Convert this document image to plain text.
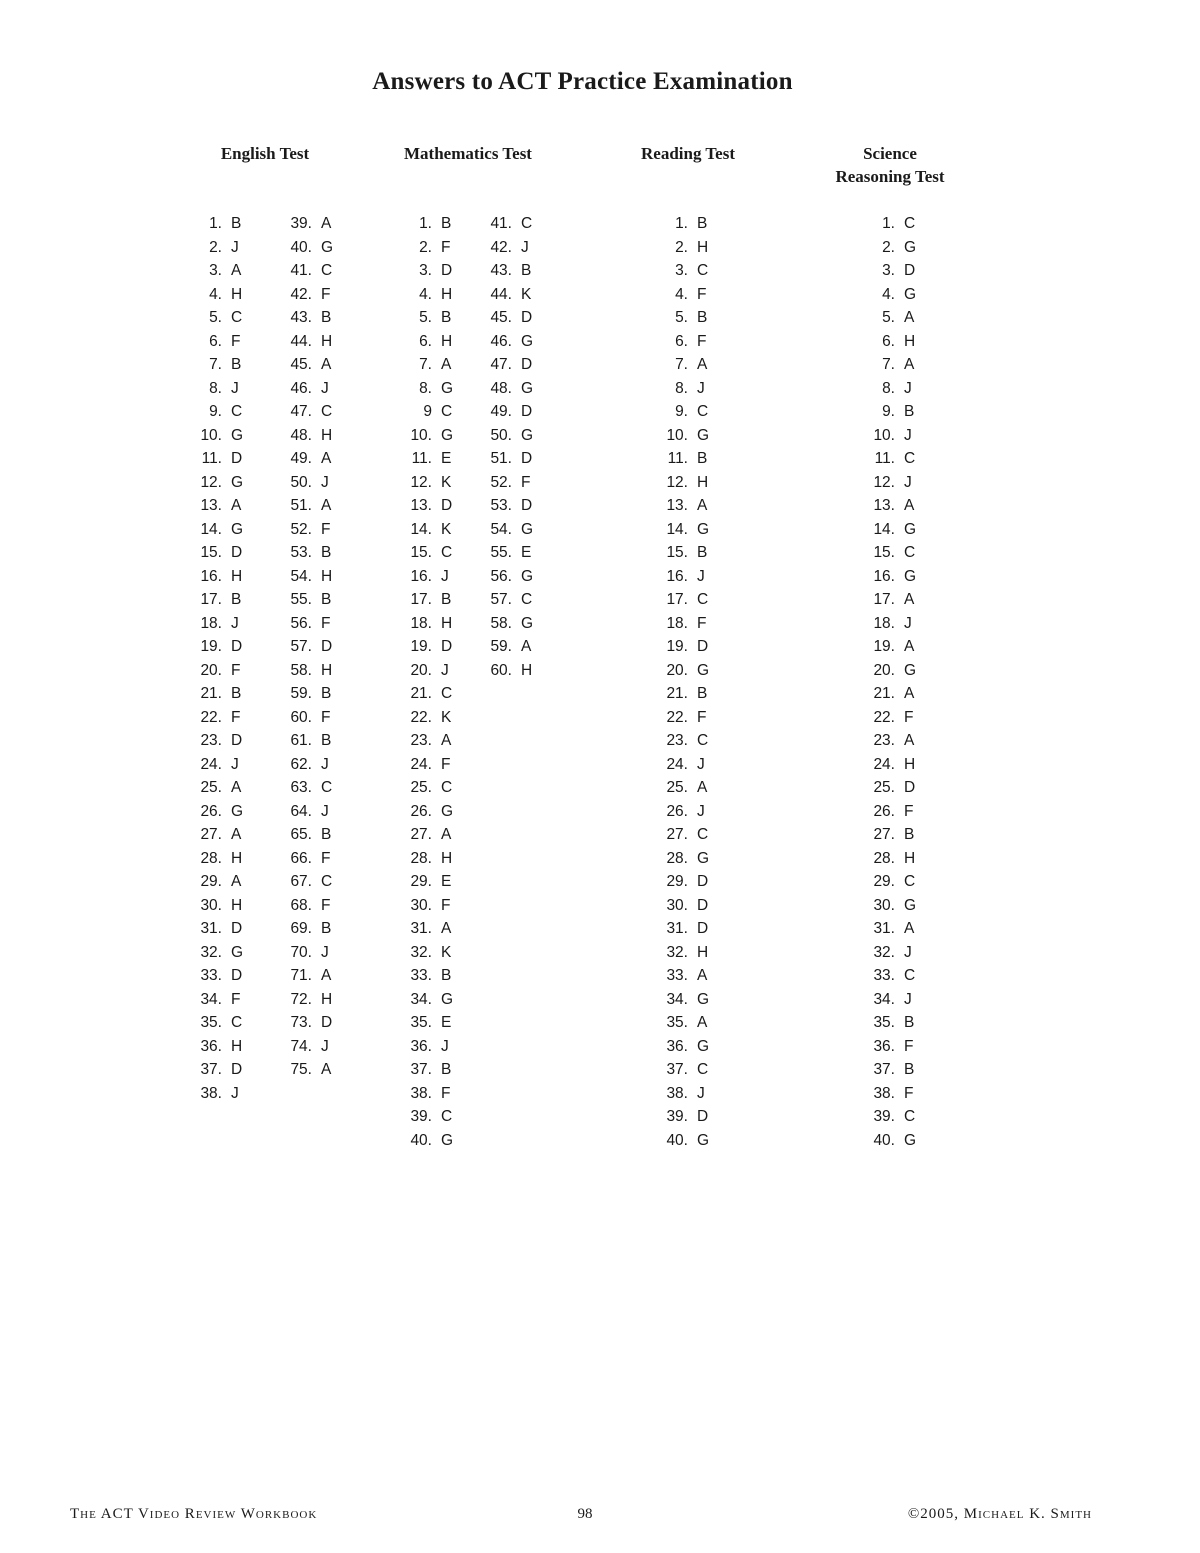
Answers to ACT Practice Examination
English Test	Mathematics Test	Reading Test	Science
Reasoning Test
1. B
2. J
3. A
4. H
5. C
6. F
7. B
8. J
9. C
10. G
11. D
12. G
13. A
14. G
15. D
16. H
17. B
18. J
19. D
20. F
21. B
22. F
23. D
24. J
25. A
26. G
27. A
28. H
29. A
30. H
31. D
32. G
33. D
34. F
35. C
36. H
37. D
38. J
39. A
40. G
41. C
42. F
43. B
44. H
45. A
46. J
47. C
48. H
49. A
50. J
51. A
52. F
53. B
54. H
55. B
56. F
57. D
58. H
59. B
60. F
61. B
62. J
63. C
64. J
65. B
66. F
67. C
68. F
69. B
70. J
71. A
72. H
73. D
74. J
75. A
1. B
2. F
3. D
4. H
5. B
6. H
7. A
8. G
9 C
10. G
11. E
12. K
13. D
14. K
15. C
16. J
17. B
18. H
19. D
20. J
21. C
22. K
23. A
24. F
25. C
26. G
27. A
28. H
29. E
30. F
31. A
32. K
33. B
34. G
35. E
36. J
37. B
38. F
39. C
40. G
41. C
42. J
43. B
44. K
45. D
46. G
47. D
48. G
49. D
50. G
51. D
52. F
53. D
54. G
55. E
56. G
57. C
58. G
59. A
60. H
1. B
2. H
3. C
4. F
5. B
6. F
7. A
8. J
9. C
10. G
11. B
12. H
13. A
14. G
15. B
16. J
17. C
18. F
19. D
20. G
21. B
22. F
23. C
24. J
25. A
26. J
27. C
28. G
29. D
30. D
31. D
32. H
33. A
34. G
35. A
36. G
37. C
38. J
39. D
40. G
1. C
2. G
3. D
4. G
5. A
6. H
7. A
8. J
9. B
10. J
11. C
12. J
13. A
14. G
15. C
16. G
17. A
18. J
19. A
20. G
21. A
22. F
23. A
24. H
25. D
26. F
27. B
28. H
29. C
30. G
31. A
32. J
33. C
34. J
35. B
36. F
37. B
38. F
39. C
40. G
The ACT Video Review Workbook	98	©2005, Michael K. Smith
